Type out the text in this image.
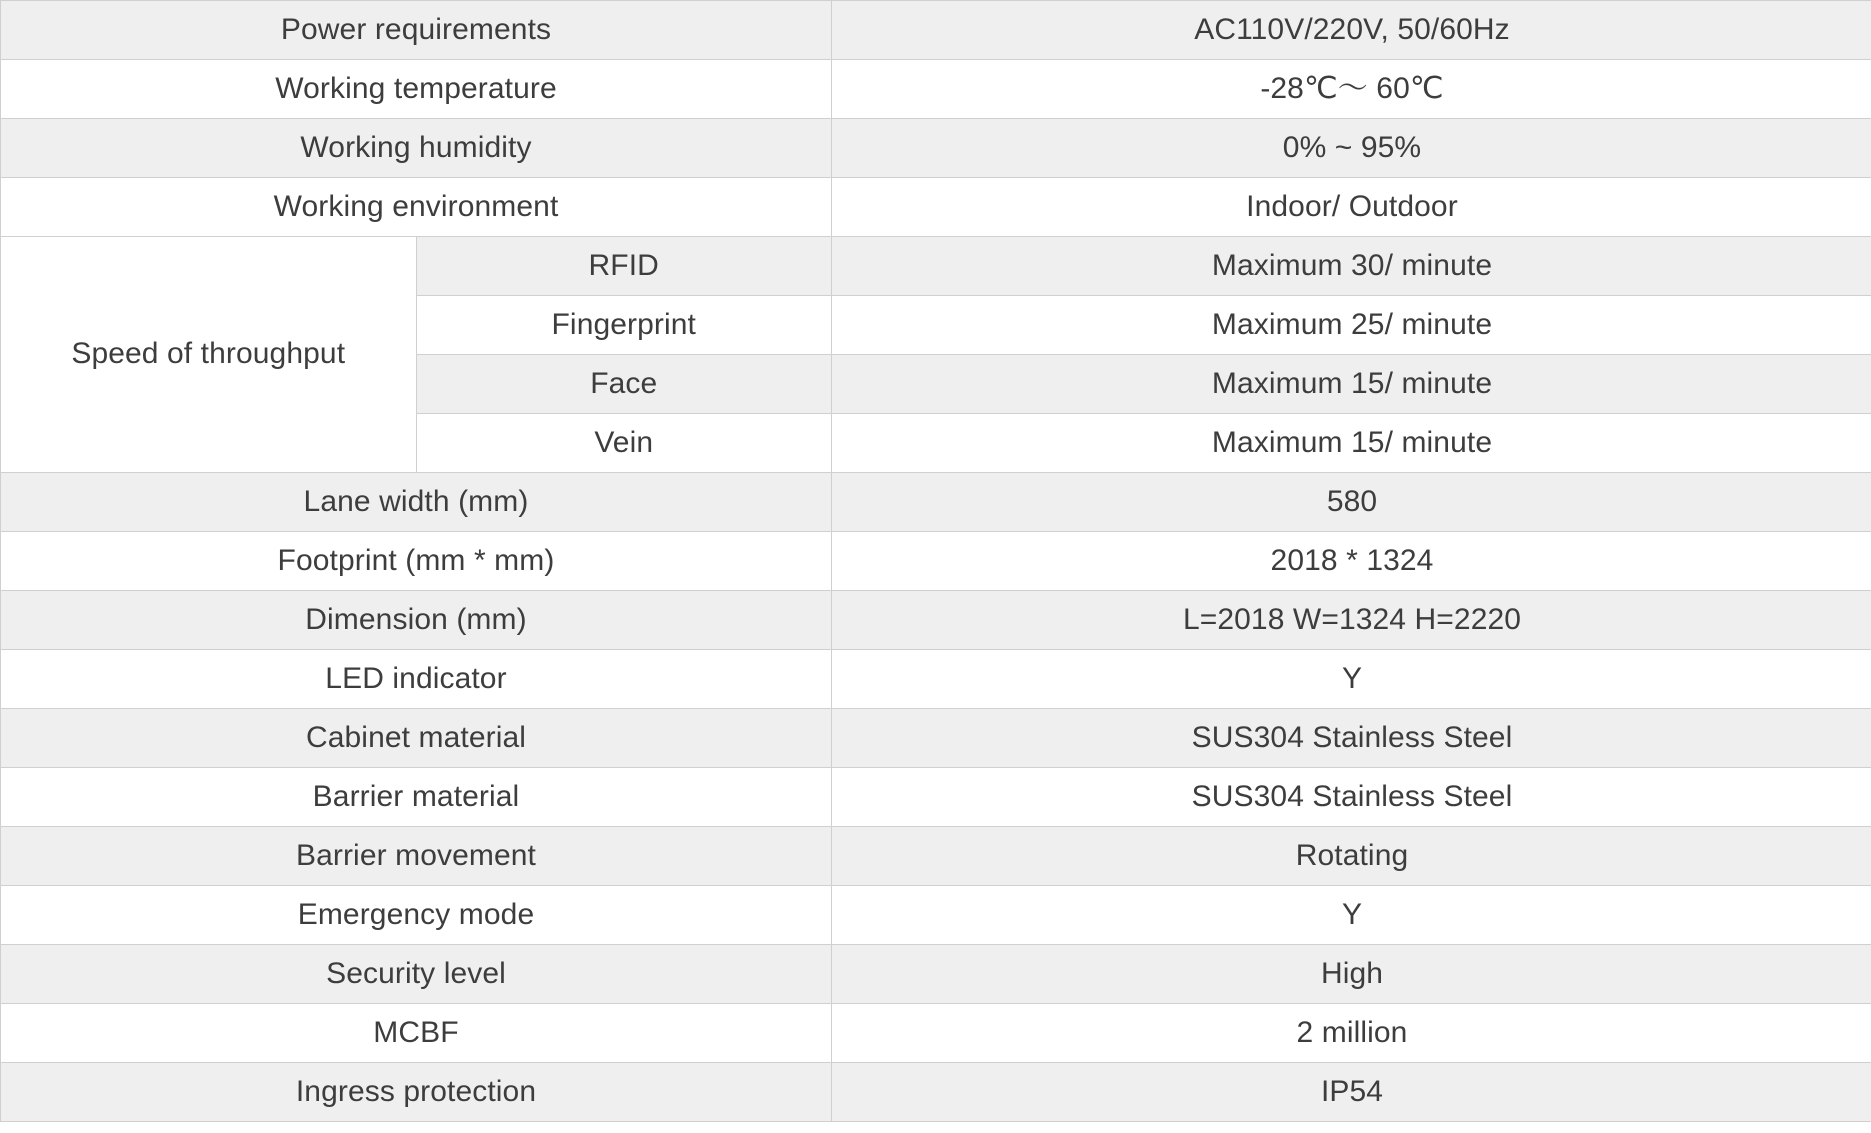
Power requirements		AC110V/220V, 50/60Hz
Working temperature		-28℃～ 60℃
Working humidity		0% ~ 95%
Working environment		Indoor/ Outdoor
Speed of throughput	RFID	Maximum 30/ minute
	Fingerprint	Maximum 25/ minute
	Face	Maximum 15/ minute
	Vein	Maximum 15/ minute
Lane width (mm)		580
Footprint (mm * mm)		2018 * 1324
Dimension (mm)		L=2018 W=1324 H=2220
LED indicator		Y
Cabinet material		SUS304 Stainless Steel
Barrier material		SUS304 Stainless Steel
Barrier movement		Rotating
Emergency mode		Y
Security level		High
MCBF		2 million
Ingress protection		IP54
